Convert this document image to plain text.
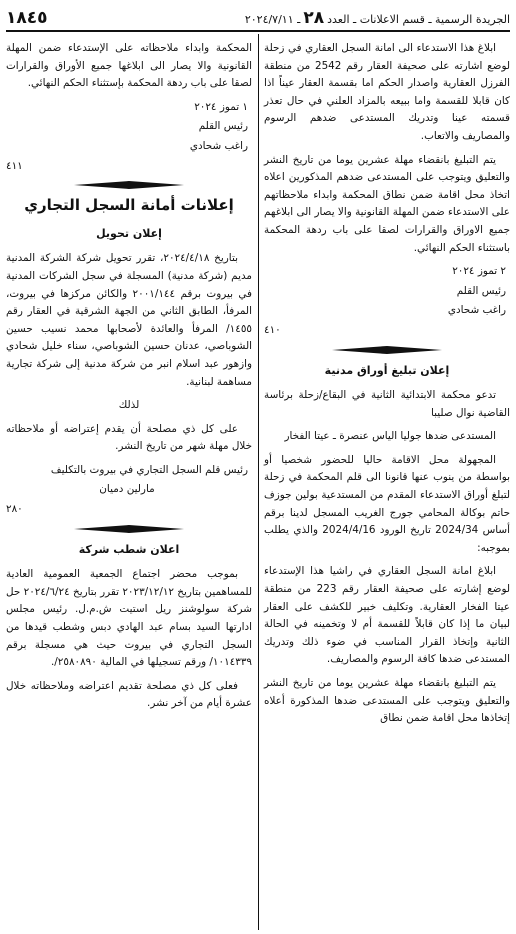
الجريدة الرسمية ـ قسم الاعلانات ـ العدد٢٨ـ ٢٠٢٤/٧/١١
١٨٤٥

ابلاغ هذا الاستدعاء الى امانة السجل العقاري في زحلة لوضع اشارته على صحيفة العقار رقم 2542 من منطقة الفرزل العقارية واصدار الحكم اما بقسمة العقار عيناً اذا كان قابلا للقسمة واما ببيعه بالمزاد العلني في حال تعذر قسمته عينا وتدريك المستدعى ضدهم الرسوم والمصاريف والاتعاب.

يتم التبليغ بانقضاء مهلة عشرين يوما من تاريخ النشر والتعليق ويتوجب على المستدعى ضدهم المذكورين اعلاه اتخاذ محل اقامة ضمن نطاق المحكمة وابداء ملاحظاتهم على الاستدعاء ضمن المهلة القانونية والا يصار الى ابلاغهم جميع الاوراق والقرارات لصقا على باب ردهة المحكمة باستثناء الحكم النهائي.

٢ تموز ٢٠٢٤
رئيس القلم
راغب شحادي
٤١٠
إعلان تبليغ أوراق مدنية

تدعو محكمة الابتدائية الثانية في البقاع/زحلة برئاسة القاضية نوال صليبا

المستدعى ضدها جوليا الياس عنصرة ـ عيتا الفخار

المجهولة محل الاقامة حاليا للحضور شخصيا أو بواسطة من ينوب عنها قانونا الى قلم المحكمة في زحلة لتبلغ أوراق الاستدعاء المقدم من المستدعية بولين جوزف حاتم بوكالة المحامي جورج الغريب المسجل لدينا برقم أساس 2024/34 تاريخ الورود 2024/4/16 والذي يطلب بموجبه:

ابلاغ امانة السجل العقاري في راشيا هذا الإستدعاء لوضع إشارته على صحيفة العقار رقم 223 من منطقة عيتا الفخار العقارية. وتكليف خبير للكشف على العقار لبيان ما إذا كان قابلاً للقسمة أم لا وتخمينه في الحالة الثانية وإتخاذ القرار المناسب في ضوء ذلك وتدريك المستدعى ضدها كافة الرسوم والمصاريف.

يتم التبليغ بانقضاء مهلة عشرين يوما من تاريخ النشر والتعليق ويتوجب على المستدعى ضدها المذكورة أعلاه إتخاذها محل اقامة ضمن نطاق

المحكمة وابداء ملاحظاته على الإستدعاء ضمن المهلة القانونية والا يصار الى ابلاغها جميع الأوراق والقرارات لصقا على باب ردهة المحكمة بإستثناء الحكم النهائي.

١ تموز ٢٠٢٤
رئيس القلم
راغب شحادي
٤١١
إعلانات أمانة السجل التجاري
إعلان تحويل

بتاريخ ٢٠٢٤/٤/١٨، تقرر تحويل شركة الشركة المدنية مديم (شركة مدنية) المسجلة في سجل الشركات المدنية في بيروت برقم ٢٠٠١/١٤٤ والكائن مركزها في بيروت، المرفأ، الطابق الثاني من الجهة الشرقية في العقار رقم ١٤٥٥/ المرفأ والعائدة لأصحابها محمد نسيب حسين الشوباصي، عدنان حسين الشوباصي، سناء خليل شحادي وازهور عبد اسلام انبر من شركة مدنية إلى شركة تجارية مساهمة لبنانية.

لذلك

على كل ذي مصلحة أن يقدم إعتراضه أو ملاحظاته خلال مهلة شهر من تاريخ النشر.

رئيس قلم السجل التجاري في بيروت بالتكليف
مارلين دميان
٢٨٠
اعلان شطب شركة

بموجب محضر اجتماع الجمعية العمومية العادية للمساهمين بتاريخ ٢٠٢٣/١٢/١٢ تقرر بتاريخ ٢٠٢٤/٦/٢٤ حل شركة سولوشنز ريل استيت ش.م.ل. رئيس مجلس ادارتها السيد بسام عبد الهادي دبس وشطب قيدها من السجل التجاري في بيروت حيث هي مسجلة برقم ١٠١٤٣٣٩/ ورقم تسجيلها في المالية ٢٥٨٠٨٩٠/.

فعلى كل ذي مصلحة تقديم اعتراضه وملاحظاته خلال عشرة أيام من آخر نشر.
